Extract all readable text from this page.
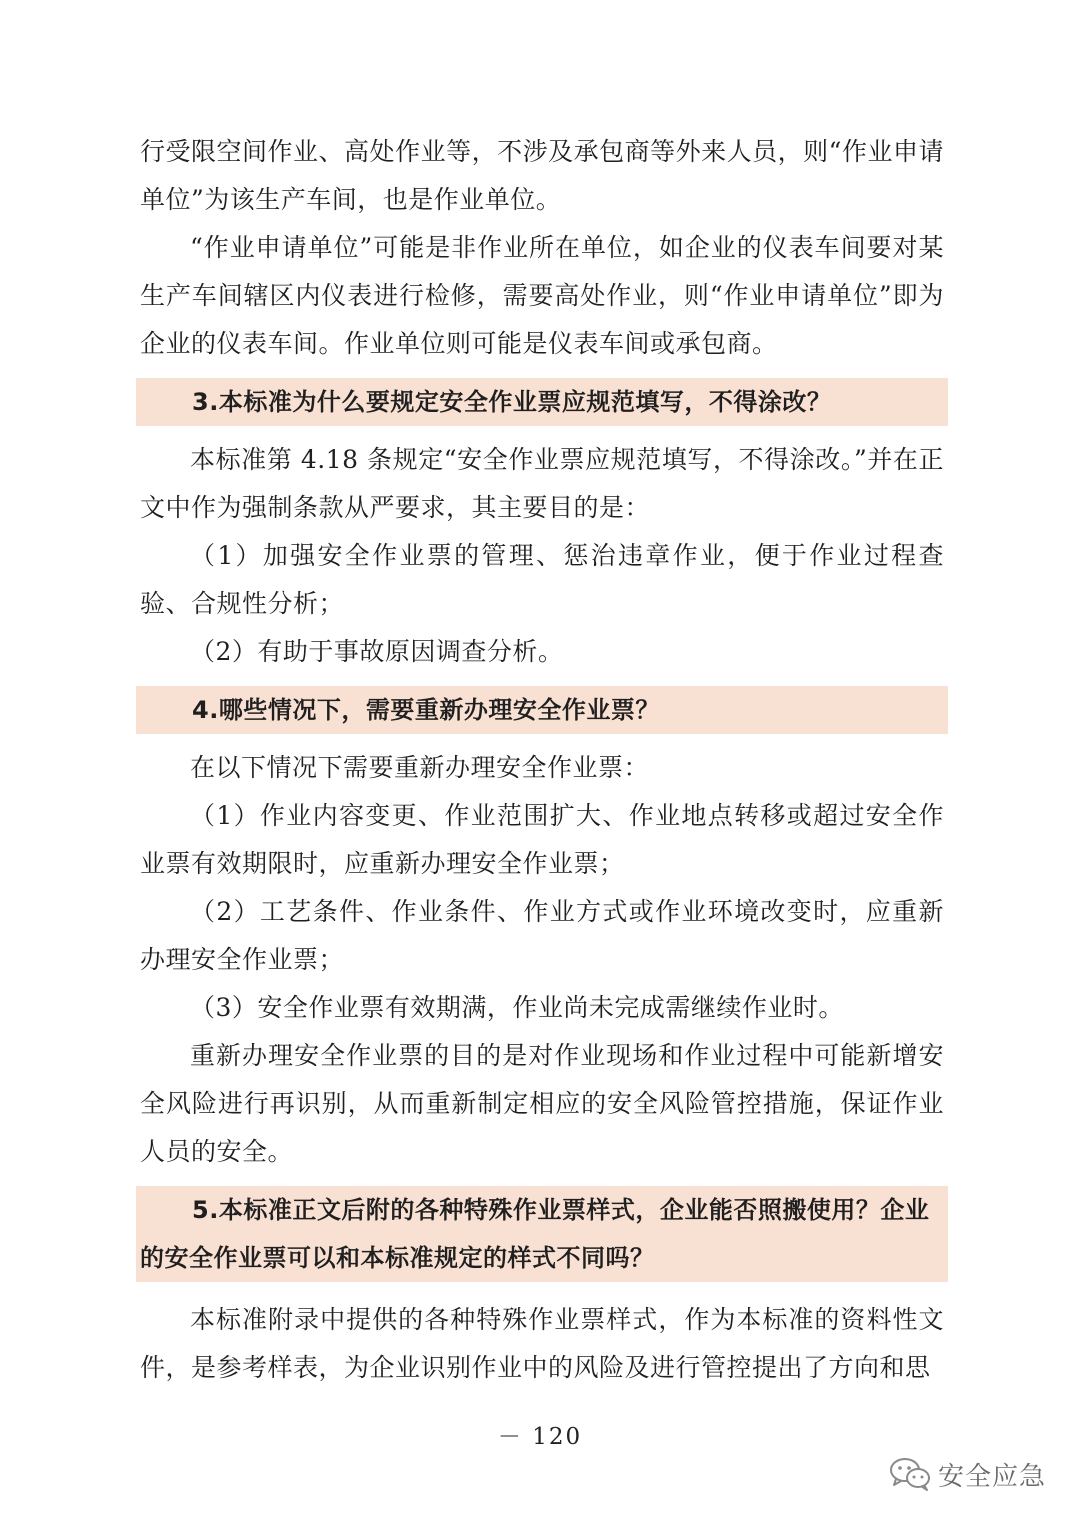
行受限空间作业、高处作业等，不涉及承包商等外来人员，则“作业申请单位”为该生产车间，也是作业单位。

“作业申请单位”可能是非作业所在单位，如企业的仪表车间要对某生产车间辖区内仪表进行检修，需要高处作业，则“作业申请单位”即为企业的仪表车间。作业单位则可能是仪表车间或承包商。

3.本标准为什么要规定安全作业票应规范填写，不得涂改？

本标准第 4.18 条规定“安全作业票应规范填写，不得涂改。”并在正文中作为强制条款从严要求，其主要目的是：

（1）加强安全作业票的管理、惩治违章作业，便于作业过程查验、合规性分析；

（2）有助于事故原因调查分析。

4.哪些情况下，需要重新办理安全作业票？

在以下情况下需要重新办理安全作业票：

（1）作业内容变更、作业范围扩大、作业地点转移或超过安全作业票有效期限时，应重新办理安全作业票；

（2）工艺条件、作业条件、作业方式或作业环境改变时，应重新办理安全作业票；

（3）安全作业票有效期满，作业尚未完成需继续作业时。

重新办理安全作业票的目的是对作业现场和作业过程中可能新增安全风险进行再识别，从而重新制定相应的安全风险管控措施，保证作业人员的安全。

5.本标准正文后附的各种特殊作业票样式，企业能否照搬使用？企业的安全作业票可以和本标准规定的样式不同吗？

本标准附录中提供的各种特殊作业票样式，作为本标准的资料性文件，是参考样表，为企业识别作业中的风险及进行管控提出了方向和思

－ 120
安全应急
